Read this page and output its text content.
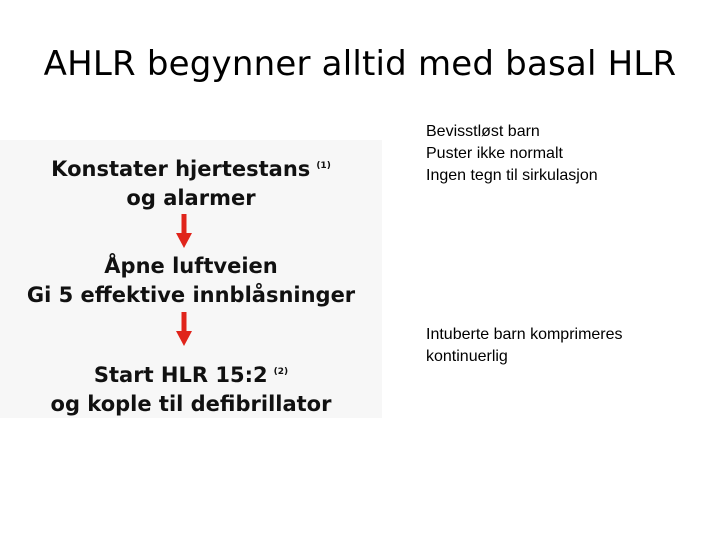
AHLR begynner alltid med basal HLR
Konstater hjertestans $^{(1)}$
og alarmer
Åpne luftveien
Gi 5 effektive innblåsninger
Start HLR 15:2 $^{(2)}$
og kople til defibrillator
Bevisstløst barn
Puster ikke normalt
Ingen tegn til sirkulasjon
Intuberte barn komprimeres
kontinuerlig
